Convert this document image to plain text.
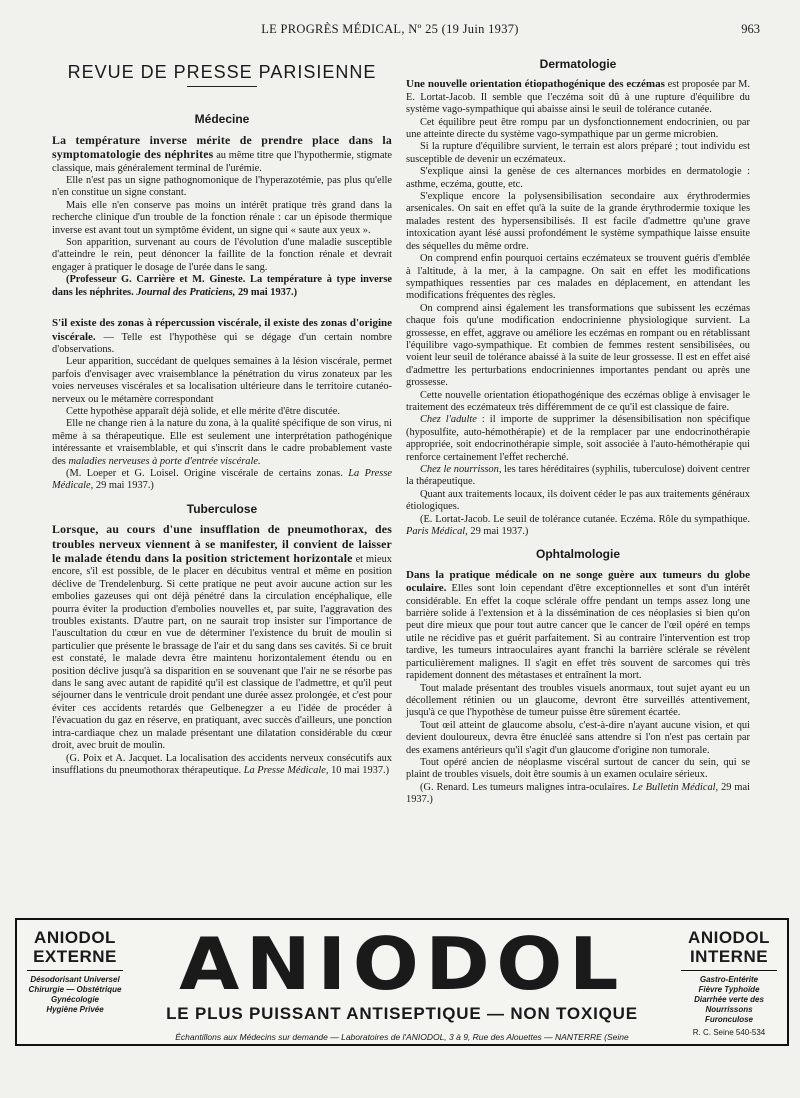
LE PROGRÈS MÉDICAL, Nº 25 (19 Juin 1937)	963
REVUE DE PRESSE PARISIENNE
Médecine

La température inverse mérite de prendre place dans la symptomatologie des néphrites au même titre que l'hypothermie, stigmate classique, mais généralement terminal de l'urémie.

Elle n'est pas un signe pathognomonique de l'hyperazotémie, pas plus qu'elle n'en constitue un signe constant.

Mais elle n'en conserve pas moins un intérêt pratique très grand dans la recherche clinique d'un trouble de la fonction rénale : car un épisode thermique inverse est avant tout un symptôme évident, un signe qui « saute aux yeux ».

Son apparition, survenant au cours de l'évolution d'une maladie susceptible d'atteindre le rein, peut dénoncer la faillite de la fonction rénale et devrait engager à pratiquer le dosage de l'urée dans le sang.

(Professeur G. Carrière et M. Gineste. La température à type inverse dans les néphrites. Journal des Praticiens, 29 mai 1937.)

S'il existe des zonas à répercussion viscérale, il existe des zonas d'origine viscérale. — Telle est l'hypothèse qui se dégage d'un certain nombre d'observations.

Leur apparition, succédant de quelques semaines à la lésion viscérale, permet parfois d'envisager avec vraisemblance la pénétration du virus zonateux par les voies nerveuses viscérales et sa localisation ultérieure dans le territoire cutanéo-nerveux ou le métamère correspondant

Cette hypothèse apparaît déjà solide, et elle mérite d'être discutée.

Elle ne change rien à la nature du zona, à la qualité spécifique de son virus, ni même à sa thérapeutique. Elle est seulement une interprétation pathogénique intéressante et vraisemblable, et qui s'inscrit dans le cadre probablement vaste des maladies nerveuses à porte d'entrée viscérale.

(M. Loeper et G. Loisel. Origine viscérale de certains zonas. La Presse Médicale, 29 mai 1937.)

Tuberculose

Lorsque, au cours d'une insufflation de pneumothorax, des troubles nerveux viennent à se manifester, il convient de laisser le malade étendu dans la position strictement horizontale et mieux encore, s'il est possible, de le placer en décubitus ventral et même en position déclive de Trendelenburg. Si cette pratique ne peut avoir aucune action sur les embolies gazeuses qui ont déjà pénétré dans la circulation encéphalique, elle pourra éviter la production d'embolies nouvelles et, par suite, l'aggravation des troubles existants. D'autre part, on ne saurait trop insister sur l'importance de l'auscultation du cœur en vue de déterminer l'existence du bruit de moulin si particulier que présente le brassage de l'air et du sang dans ses cavités. Si ce bruit est constaté, le malade devra être maintenu horizontalement étendu ou en position déclive jusqu'à sa disparition en se souvenant que l'air ne se résorbe pas dans le sang avec autant de rapidité qu'il est classique de l'admettre, et qu'il peut séjourner dans le ventricule droit pendant une durée assez prolongée, et c'est pour éviter ces accidents retardés que Gelbenegzer a eu l'idée de procéder à l'évacuation du gaz en réserve, en pratiquant, avec succès d'ailleurs, une ponction intra-cardiaque chez un malade présentant une dilatation considérable du cœur droit, avec bruit de moulin.

(G. Poix et A. Jacquet. La localisation des accidents nerveux consécutifs aux insufflations du pneumothorax thérapeutique. La Presse Médicale, 10 mai 1937.)

Dermatologie

Une nouvelle orientation étiopathogénique des eczémas est proposée par M. E. Lortat-Jacob. Il semble que l'eczéma soit dû à une rupture d'équilibre du système vago-sympathique qui abaisse ainsi le seuil de tolérance cutanée.

Cet équilibre peut être rompu par un dysfonctionnement endocrinien, ou par une atteinte directe du système vago-sympathique par un germe microbien.

Si la rupture d'équilibre survient, le terrain est alors préparé ; tout individu est susceptible de devenir un eczémateux.

S'explique ainsi la genèse de ces alternances morbides en dermatologie : asthme, eczéma, goutte, etc.

S'explique encore la polysensibilisation secondaire aux érythrodermies arsenicales. On sait en effet qu'à la suite de la grande érythrodermie toxique les malades restent des hypersensibilisés. Il est facile d'admettre qu'une grave intoxication ayant lésé aussi profondément le système sympathique laisse ensuite des séquelles du même ordre.

On comprend enfin pourquoi certains eczémateux se trouvent guéris d'emblée à l'altitude, à la mer, à la campagne. On sait en effet les modifications sympathiques ressenties par ces malades en déplacement, en attendant les modifications fréquentes des règles.

On comprend ainsi également les transformations que subissent les eczémas chaque fois qu'une modification endocrinienne physiologique survient. La grossesse, en effet, aggrave ou améliore les eczémas en rompant ou en rétablissant l'équilibre vago-sympathique. Et combien de femmes restent sensibilisées, ou voient leur seuil de tolérance abaissé à la suite de leur grossesse. Il est en effet aisé d'admettre les perturbations endocriniennes importantes pendant ou après une grossesse.

Cette nouvelle orientation étiopathogénique des eczémas oblige à envisager le traitement des eczémateux très différemment de ce qu'il est classique de faire.

Chez l'adulte : il importe de supprimer la désensibilisation non spécifique (hyposulfite, auto-hémothérapie) et de la remplacer par une endocrinothérapie appropriée, soit endocrinothérapie simple, soit associée à l'auto-hémothérapie qui renforce certainement l'effet recherché.

Chez le nourrisson, les tares héréditaires (syphilis, tuberculose) doivent centrer la thérapeutique.

Quant aux traitements locaux, ils doivent céder le pas aux traitements généraux étiologiques.

(E. Lortat-Jacob. Le seuil de tolérance cutanée. Eczéma. Rôle du sympathique. Paris Médical, 29 mai 1937.)

Ophtalmologie

Dans la pratique médicale on ne songe guère aux tumeurs du globe oculaire. Elles sont loin cependant d'être exceptionnelles et sont d'un intérêt considérable. En effet la coque sclérale offre pendant un temps assez long une barrière solide à l'extension et à la dissémination de ces néoplasies si bien qu'on peut dire mieux que pour tout autre cancer que le cancer de l'œil opéré en temps utile ne récidive pas et guérit parfaitement. Si au contraire l'intervention est trop tardive, les tumeurs intraoculaires ayant franchi la barrière sclérale se révèlent particulièrement malignes. Il s'agit en effet très souvent de sarcomes qui très rapidement donnent des métastases et entraînent la mort.

Tout malade présentant des troubles visuels anormaux, tout sujet ayant eu un décollement rétinien ou un glaucome, devront être surveillés attentivement, jusqu'à ce que l'hypothèse de tumeur puisse être sûrement écartée.

Tout œil atteint de glaucome absolu, c'est-à-dire n'ayant aucune vision, et qui devient douloureux, devra être énucléé sans attendre si l'on n'est pas certain par des examens antérieurs qu'il s'agit d'un glaucome d'origine non tumorale.

Tout opéré ancien de néoplasme viscéral surtout de cancer du sein, qui se plaint de troubles visuels, doit être soumis à un examen oculaire sérieux.

(G. Renard. Les tumeurs malignes intra-oculaires. Le Bulletin Médical, 29 mai 1937.)

ANIODOL
EXTERNE
Désodorisant Universel
Chirurgie — Obstétrique
Gynécologie
Hygiène Privée
ANIODOL
LE PLUS PUISSANT ANTISEPTIQUE — NON TOXIQUE
Échantillons aux Médecins sur demande — Laboratoires de l'ANIODOL, 3 à 9, Rue des Alouettes — NANTERRE (Seine
ANIODOL
INTERNE
Gastro-Entérite
Fièvre Typhoïde
Diarrhée verte des Nourrissons
Furonculose
R. C. Seine 540-534
